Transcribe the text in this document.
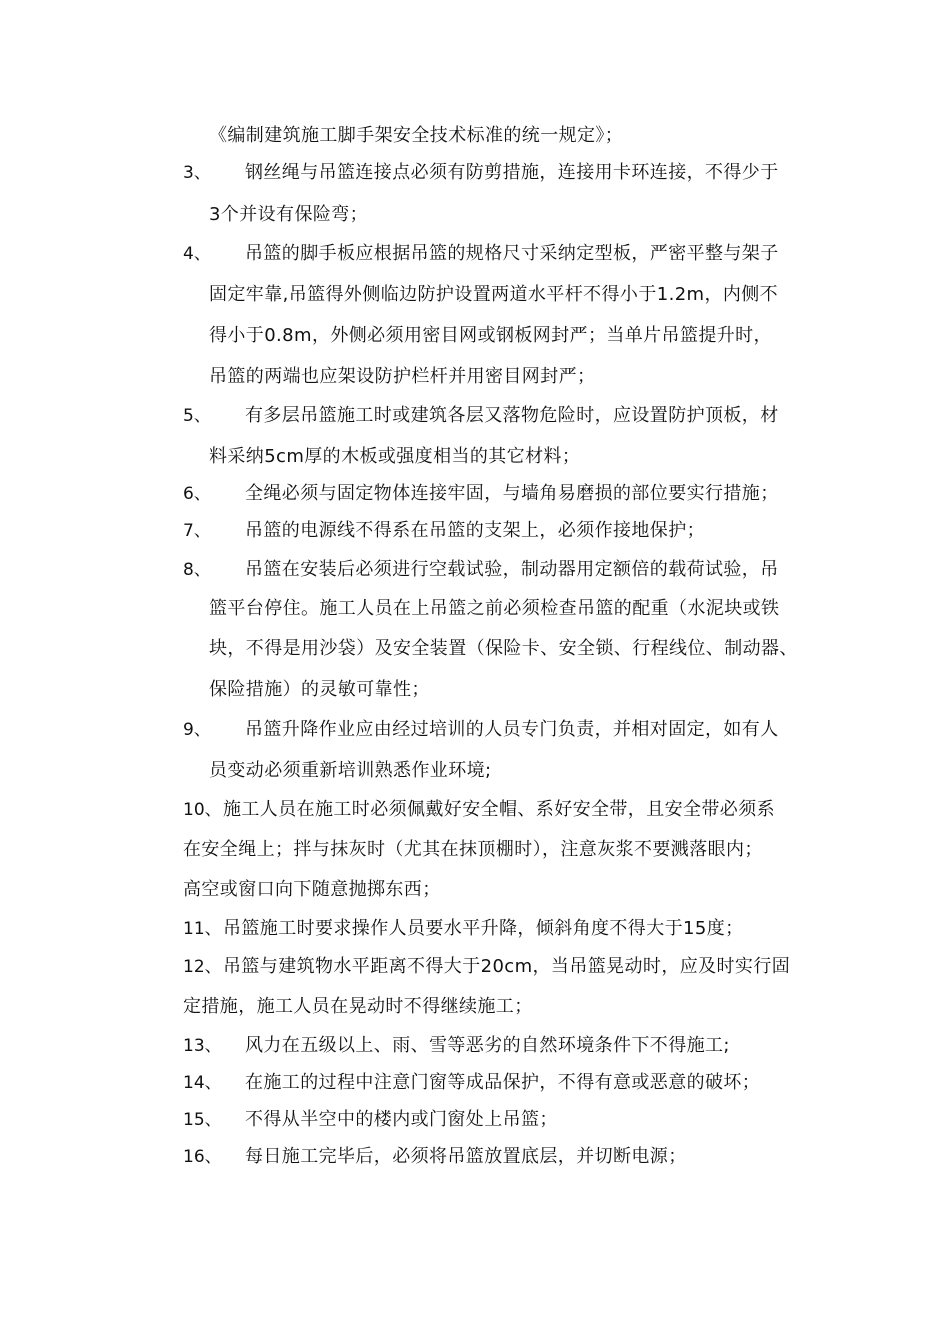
《编制建筑施工脚手架安全技术标准的统一规定》；
3、 钢丝绳与吊篮连接点必须有防剪措施，连接用卡环连接，不得少于
3个并设有保险弯；
4、 吊篮的脚手板应根据吊篮的规格尺寸采纳定型板，严密平整与架子
固定牢靠,吊篮得外侧临边防护设置两道水平杆不得小于1.2m，内侧不
得小于0.8m，外侧必须用密目网或钢板网封严；当单片吊篮提升时，
吊篮的两端也应架设防护栏杆并用密目网封严；
5、 有多层吊篮施工时或建筑各层又落物危险时，应设置防护顶板，材
料采纳5cm厚的木板或强度相当的其它材料；
6、 全绳必须与固定物体连接牢固，与墙角易磨损的部位要实行措施；
7、 吊篮的电源线不得系在吊篮的支架上，必须作接地保护；
8、 吊篮在安装后必须进行空载试验，制动器用定额倍的载荷试验，吊
篮平台停住。施工人员在上吊篮之前必须检查吊篮的配重（水泥块或铁
块，不得是用沙袋）及安全装置（保险卡、安全锁、行程线位、制动器、
保险措施）的灵敏可靠性；
9、 吊篮升降作业应由经过培训的人员专门负责，并相对固定，如有人
员变动必须重新培训熟悉作业环境;
10、 施工人员在施工时必须佩戴好安全帽、系好安全带，且安全带必须系
在安全绳上；拌与抹灰时（尤其在抹顶棚时），注意灰浆不要溅落眼内；
高空或窗口向下随意抛掷东西；
11、 吊篮施工时要求操作人员要水平升降，倾斜角度不得大于15度；
12、 吊篮与建筑物水平距离不得大于20cm，当吊篮晃动时，应及时实行固
定措施，施工人员在晃动时不得继续施工；
13、 风力在五级以上、雨、雪等恶劣的自然环境条件下不得施工;
14、 在施工的过程中注意门窗等成品保护，不得有意或恶意的破坏；
15、 不得从半空中的楼内或门窗处上吊篮；
16、 每日施工完毕后，必须将吊篮放置底层，并切断电源；
